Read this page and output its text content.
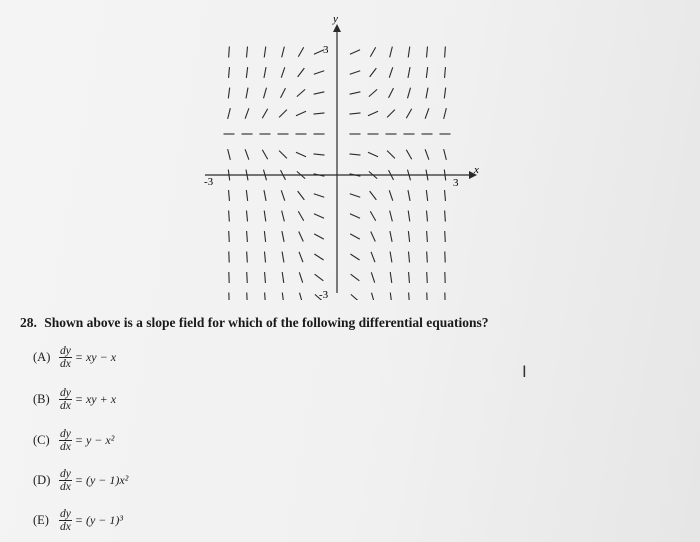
x
y
3
-3
-3	3
28. Shown above is a slope field for which of the following differential equations?
$(A) \frac{dy}{dx}$ = xy − x
$(B) \frac{dy}{dx}$ = xy + x
$(C) \frac{dy}{dx} = y - x^2$
$(D) \frac{dy}{dx} = (y - 1)x^2$
$(E) \frac{dy}{dx} = (y - 1)^3$
I
